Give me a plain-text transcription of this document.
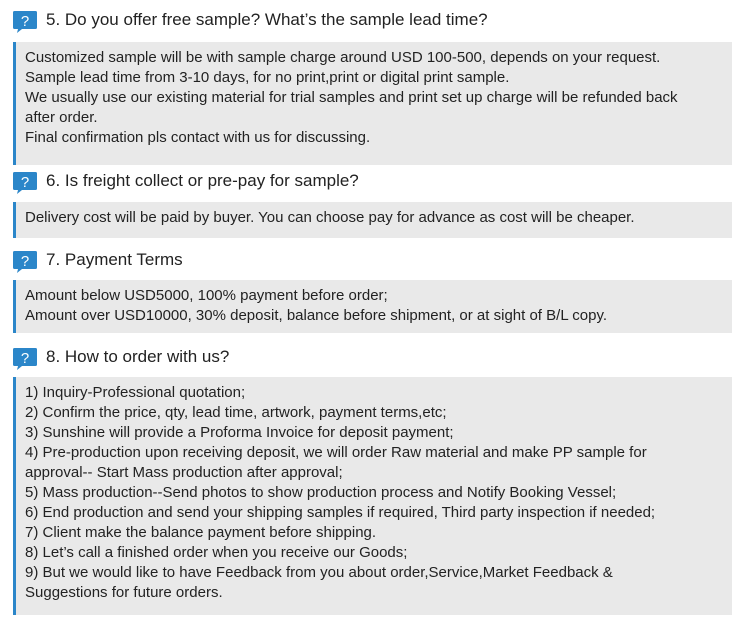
? 5. Do you offer free sample? What’s the sample lead time?
Customized sample will be with sample charge around USD 100-500, depends on your request.
Sample lead time from 3-10 days, for no print,print or digital print sample.
We usually use our existing material for trial samples and print set up charge will be refunded back
after order.
Final confirmation pls contact with us for discussing.
? 6. Is freight collect or pre-pay for sample?
Delivery cost will be paid by buyer. You can choose pay for advance as cost will be cheaper.
? 7. Payment Terms
Amount below USD5000, 100% payment before order;
Amount over USD10000, 30% deposit, balance before shipment, or at sight of B/L copy.
? 8. How to order with us?
1) Inquiry-Professional quotation;
2) Confirm the price, qty, lead time, artwork, payment terms,etc;
3) Sunshine will provide a Proforma Invoice for deposit payment;
4) Pre-production upon receiving deposit, we will order Raw material and make PP sample for
approval-- Start Mass production after approval;
5) Mass production--Send photos to show production process and Notify Booking Vessel;
6) End production and send your shipping samples if required, Third party inspection if needed;
7) Client make the balance payment before shipping.
8) Let’s call a finished order when you receive our Goods;
9) But we would like to have Feedback from you about order,Service,Market Feedback &
Suggestions for future orders.
